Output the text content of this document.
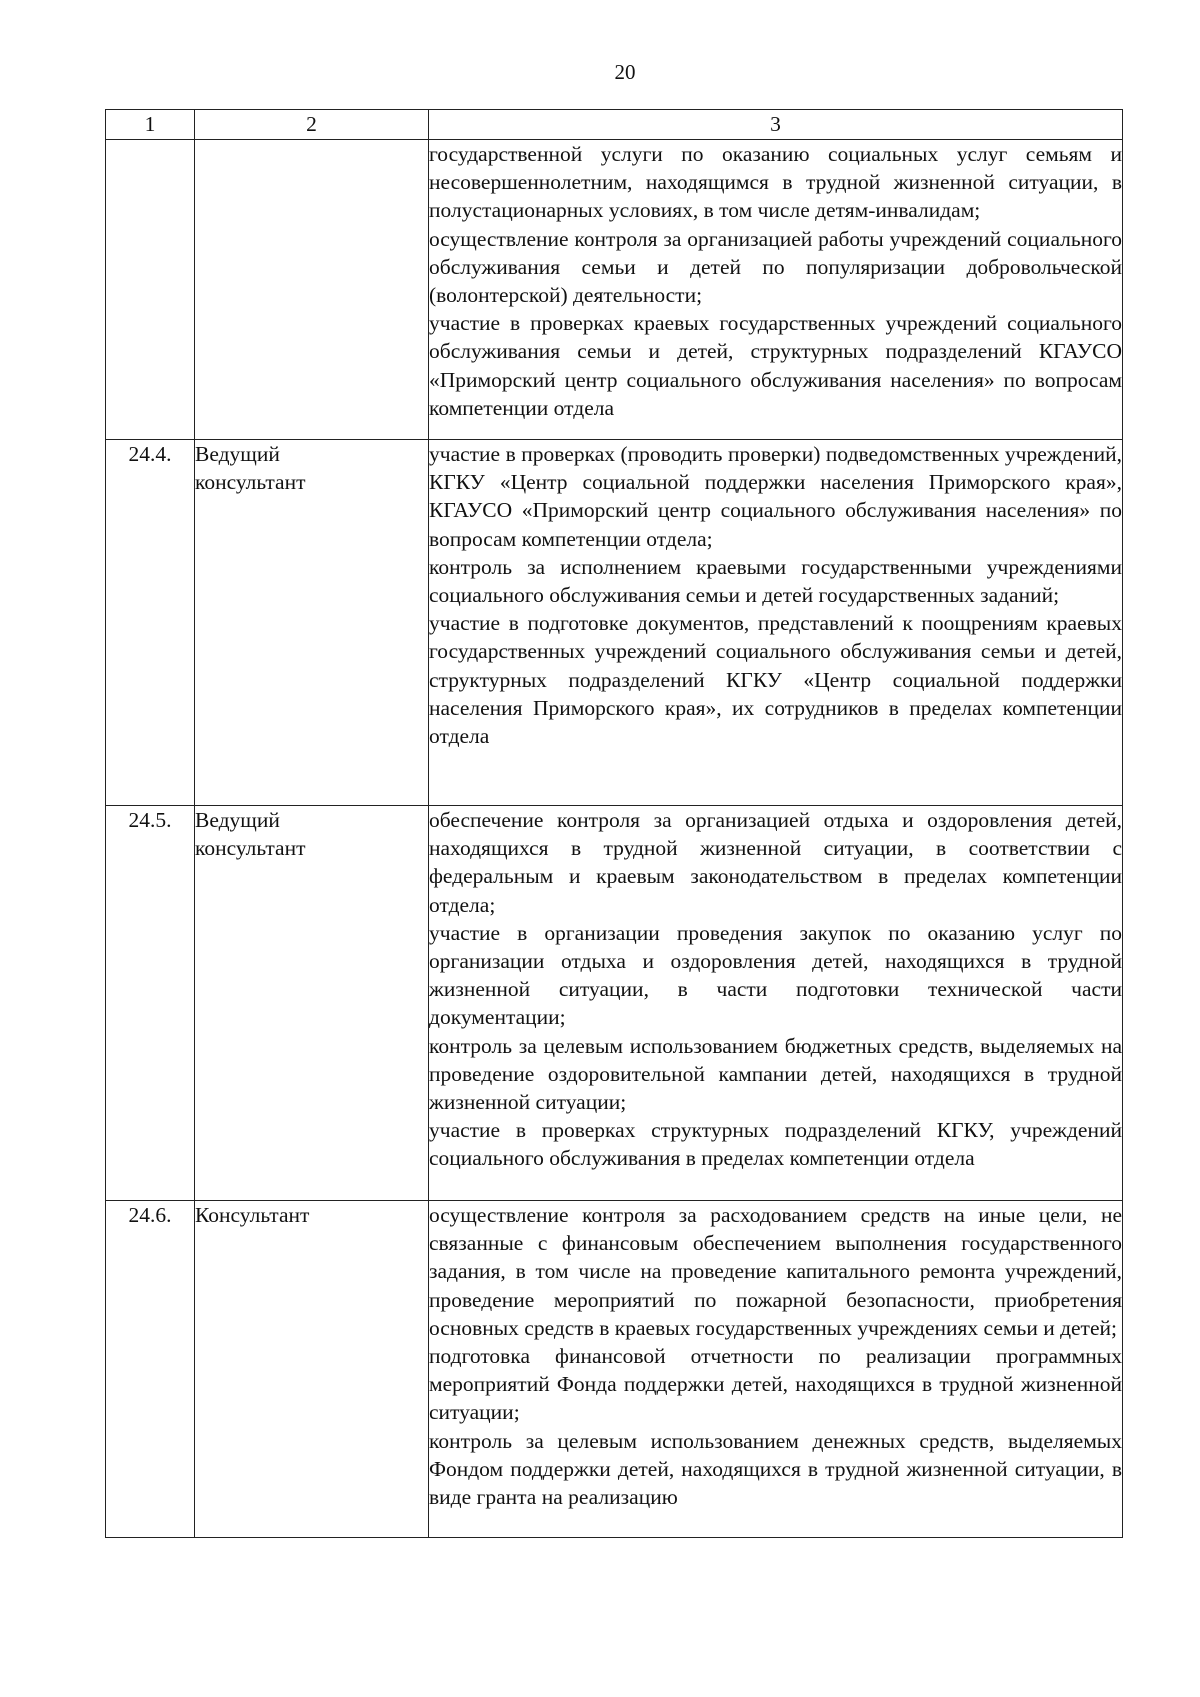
20
1	2	3

		государственной услуги по оказанию социальных услуг семьям и несовершеннолетним, находящимся в трудной жизненной ситуации, в полустационарных условиях, в том числе детям-инвалидам;
осуществление контроля за организацией работы учреждений социального обслуживания семьи и детей по популяризации добровольческой (волонтерской) деятельности;
участие в проверках краевых государственных учреждений социального обслуживания семьи и детей, структурных подразделений КГАУСО «Приморский центр социального обслуживания населения» по вопросам компетенции отдела

24.4.	Ведущий
консультант	участие в проверках (проводить проверки) подведомственных учреждений, КГКУ «Центр социальной поддержки населения Приморского края», КГАУСО «Приморский центр социального обслуживания населения» по вопросам компетенции отдела;
контроль за исполнением краевыми государственными учреждениями социального обслуживания семьи и детей государственных заданий;
участие в подготовке документов, представлений к поощрениям краевых государственных учреждений социального обслуживания семьи и детей, структурных подразделений КГКУ «Центр социальной поддержки населения Приморского края», их сотрудников в пределах компетенции отдела

24.5.	Ведущий
консультант	обеспечение контроля за организацией отдыха и оздоровления детей, находящихся в трудной жизненной ситуации, в соответствии с федеральным и краевым законодательством в пределах компетенции отдела;
участие в организации проведения закупок по оказанию услуг по организации отдыха и оздоровления детей, находящихся в трудной жизненной ситуации, в части подготовки технической части документации;
контроль за целевым использованием бюджетных средств, выделяемых на проведение оздоровительной кампании детей, находящихся в трудной жизненной ситуации;
участие в проверках структурных подразделений КГКУ, учреждений социального обслуживания в пределах компетенции отдела

24.6.	Консультант	осуществление контроля за расходованием средств на иные цели, не связанные с финансовым обеспечением выполнения государственного задания, в том числе на проведение капитального ремонта учреждений, проведение мероприятий по пожарной безопасности, приобретения основных средств в краевых государственных учреждениях семьи и детей;
подготовка финансовой отчетности по реализации программных мероприятий Фонда поддержки детей, находящихся в трудной жизненной ситуации;
контроль за целевым использованием денежных средств, выделяемых Фондом поддержки детей, находящихся в трудной жизненной ситуации, в виде гранта на реализацию
